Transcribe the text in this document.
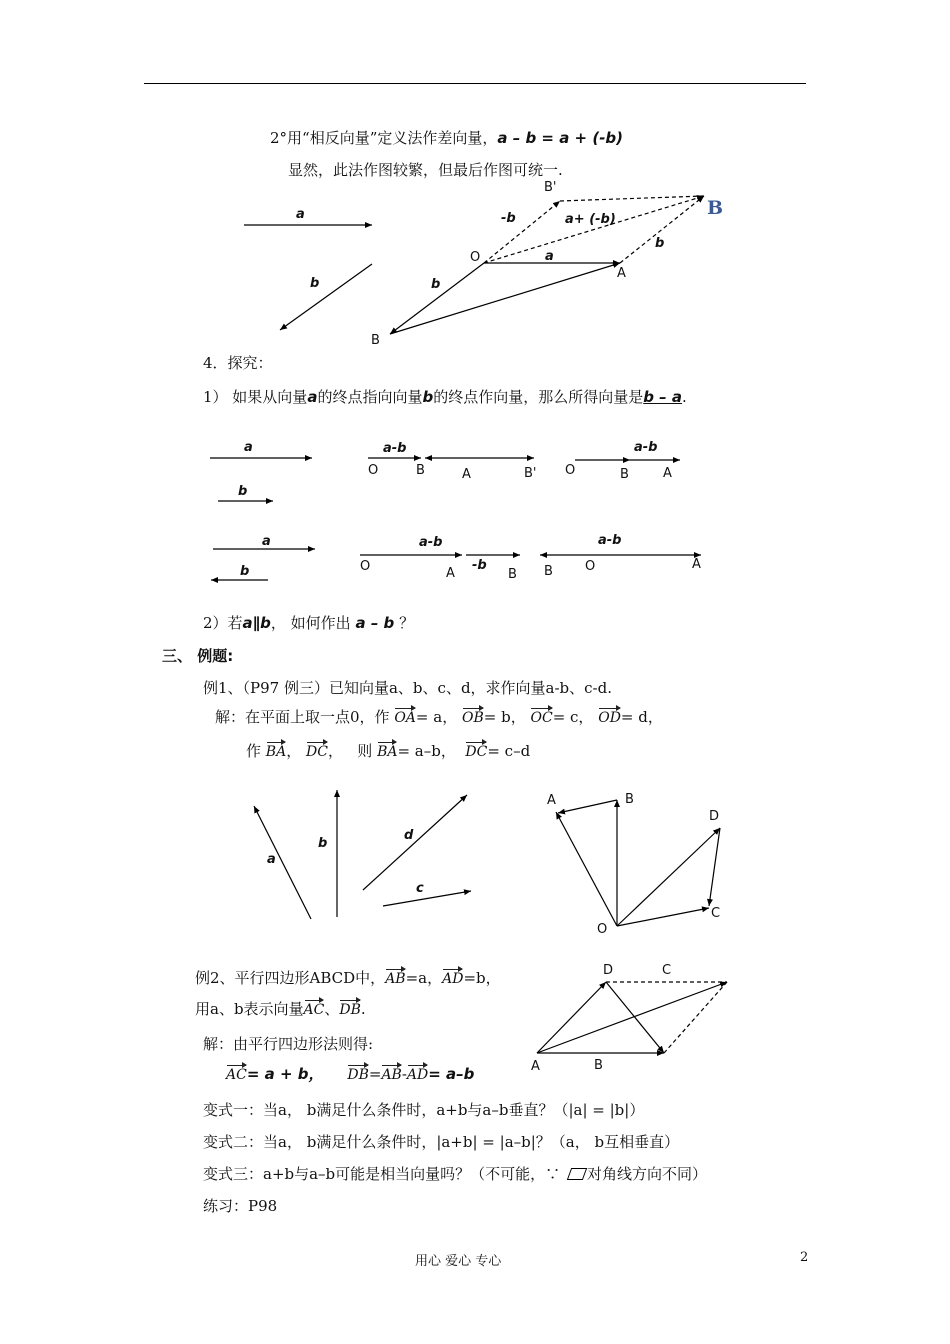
2°用“相反向量”定义法作差向量，a – b = a + (-b)
显然，此法作图较繁，但最后作图可统一.
a
b
O
A
B
B'
B
-b	a+ (-b)
a
b
b
4．探究：
1） 如果从向量a的终点指向向量b的终点作向量，那么所得向量是b – a.
a
b
a-b
O	B	A	B' O
a-b
B	A
a
b
a-b
O	A
-b
B
a-b
B O	A
2）若a∥b， 如何作出 a – b ？
三、 例题:
例1、（P97 例三）已知向量a、b、c、d，求作向量a-b、c-d.
解：在平面上取一点0，作 OA= a， OB= b， OC= c， OD= d，
作 BA， DC， 则 BA= a–b， DC= c–d
a
b
d
c
A	B
D
C
O
例2、平行四边形ABCD中，AB=a，AD=b，
用a、b表示向量AC、DB.
解：由平行四边形法则得:
AC= a + b， DB=AB-AD= a–b
D	C
A	B
变式一：当a， b满足什么条件时，a+b与a–b垂直？（|a| = |b|）
变式二：当a， b满足什么条件时，|a+b| = |a–b|？（a， b互相垂直）
变式三：a+b与a–b可能是相当向量吗？（不可能，∵ 对角线方向不同）
练习：P98
用心 爱心 专心	2
